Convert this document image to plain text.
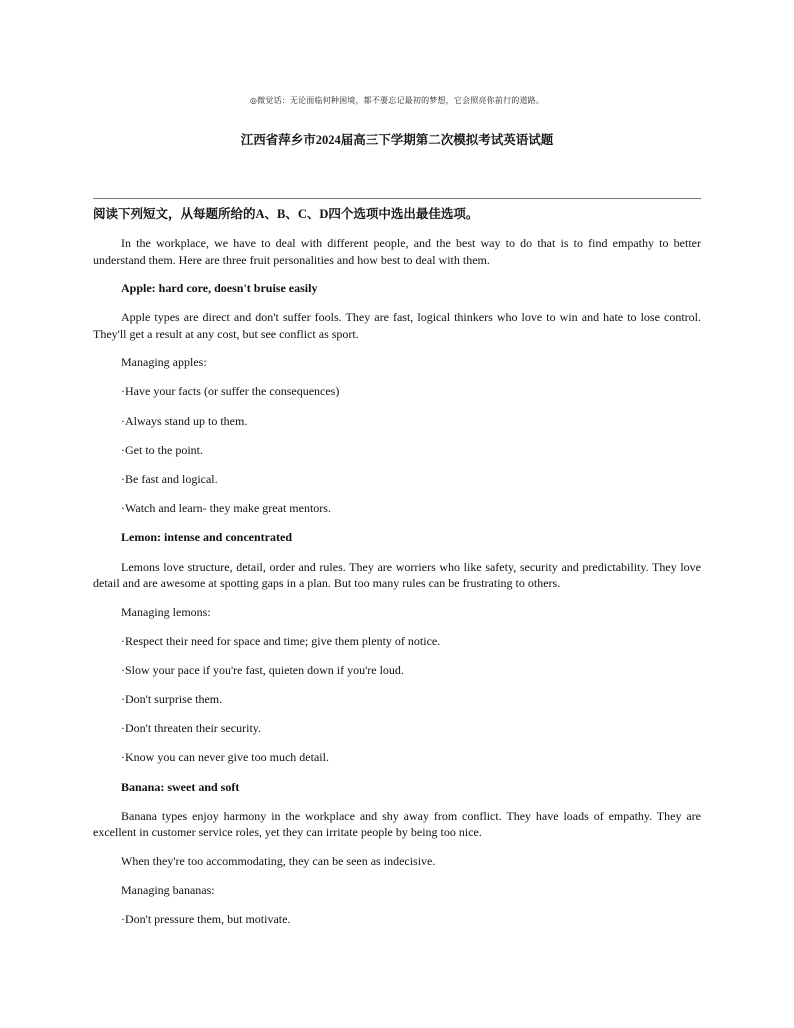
◎微觉话：无论面临何种困境，都不要忘记最初的梦想，它会照亮你前行的道路。
江西省萍乡市2024届高三下学期第二次模拟考试英语试题
阅读下列短文，从每题所给的A、B、C、D四个选项中选出最佳选项。

In the workplace, we have to deal with different people, and the best way to do that is to find empathy to better understand them. Here are three fruit personalities and how best to deal with them.

Apple: hard core, doesn't bruise easily

Apple types are direct and don't suffer fools. They are fast, logical thinkers who love to win and hate to lose control. They'll get a result at any cost, but see conflict as sport.

Managing apples:

·Have your facts (or suffer the consequences)

·Always stand up to them.

·Get to the point.

·Be fast and logical.

·Watch and learn- they make great mentors.

Lemon: intense and concentrated

Lemons love structure, detail, order and rules. They are worriers who like safety, security and predictability. They love detail and are awesome at spotting gaps in a plan. But too many rules can be frustrating to others.

Managing lemons:

·Respect their need for space and time; give them plenty of notice.

·Slow your pace if you're fast, quieten down if you're loud.

·Don't surprise them.

·Don't threaten their security.

·Know you can never give too much detail.

Banana: sweet and soft

Banana types enjoy harmony in the workplace and shy away from conflict. They have loads of empathy. They are excellent in customer service roles, yet they can irritate people by being too nice.

When they're too accommodating, they can be seen as indecisive.

Managing bananas:

·Don't pressure them, but motivate.
